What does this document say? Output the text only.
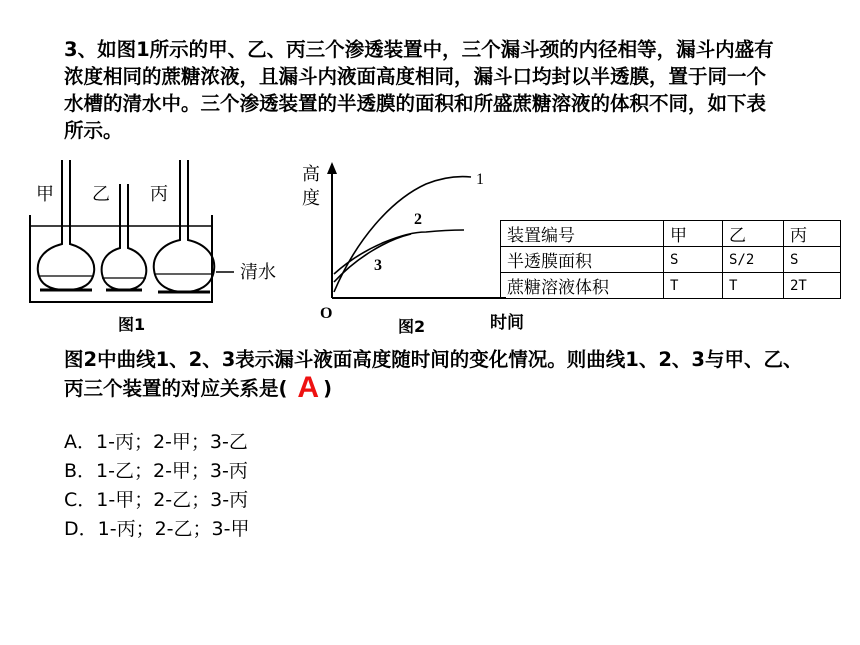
3、如图1所示的甲、乙、丙三个渗透装置中，三个漏斗颈的内径相等，漏斗内盛有浓度相同的蔗糖浓液，且漏斗内液面高度相同，漏斗口均封以半透膜，置于同一个水槽的清水中。三个渗透装置的半透膜的面积和所盛蔗糖溶液的体积不同，如下表所示。

甲 乙 丙
清水
图1
高
度
1
2
3
O
图2	时间
装置编号	甲	乙	丙
半透膜面积	S	S/2	S
蔗糖溶液体积	T	T	2T

图2中曲线1、2、3表示漏斗液面高度随时间的变化情况。则曲线1、2、3与甲、乙、丙三个装置的对应关系是( A )

A．1-丙；2-甲；3-乙
B．1-乙；2-甲；3-丙
C．1-甲；2-乙；3-丙
D．1-丙；2-乙；3-甲
